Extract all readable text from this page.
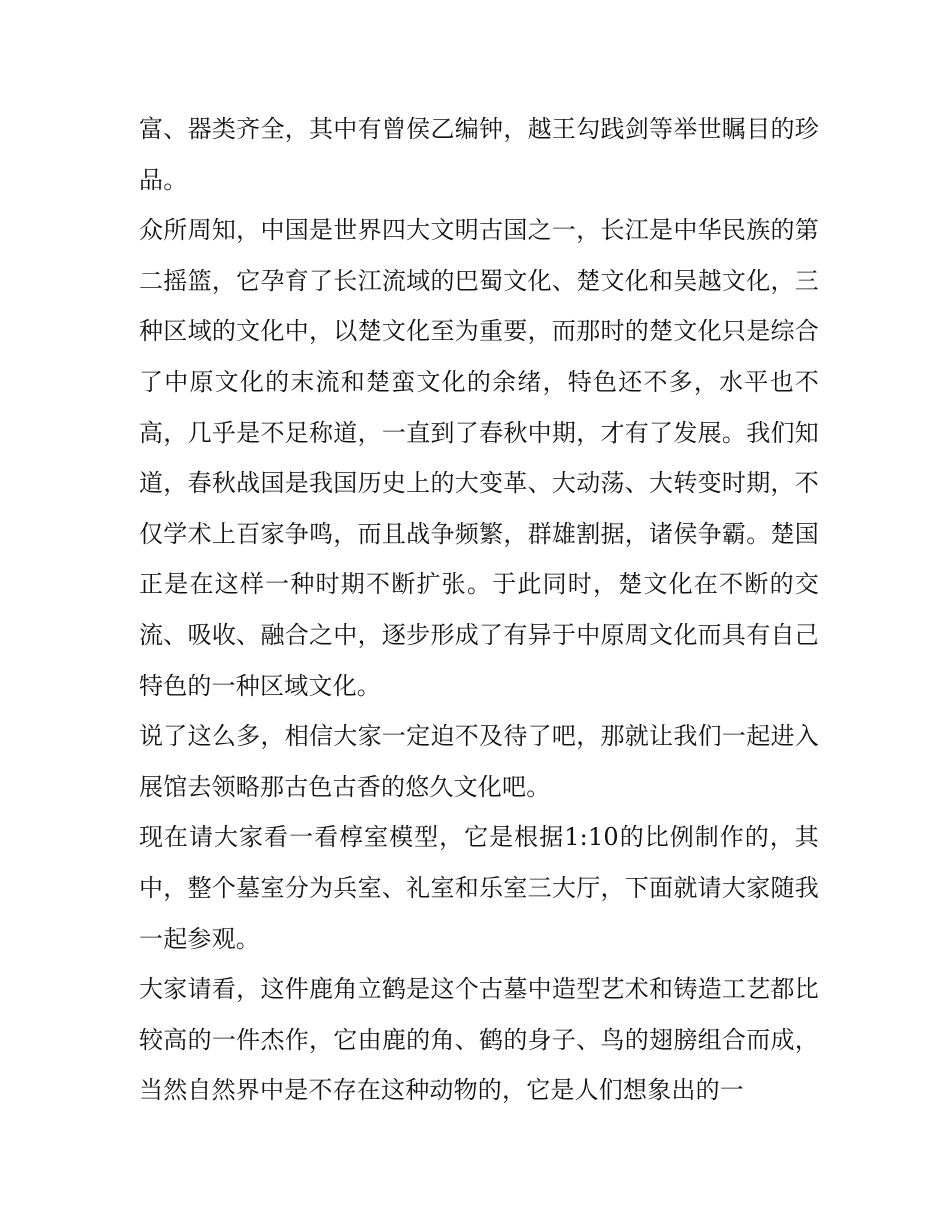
富、器类齐全，其中有曾侯乙编钟，越王勾践剑等举世瞩目的珍品。

众所周知，中国是世界四大文明古国之一，长江是中华民族的第二摇篮，它孕育了长江流域的巴蜀文化、楚文化和吴越文化，三种区域的文化中，以楚文化至为重要，而那时的楚文化只是综合了中原文化的末流和楚蛮文化的余绪，特色还不多，水平也不高，几乎是不足称道，一直到了春秋中期，才有了发展。我们知道，春秋战国是我国历史上的大变革、大动荡、大转变时期，不仅学术上百家争鸣，而且战争频繁，群雄割据，诸侯争霸。楚国正是在这样一种时期不断扩张。于此同时，楚文化在不断的交流、吸收、融合之中，逐步形成了有异于中原周文化而具有自己特色的一种区域文化。

说了这么多，相信大家一定迫不及待了吧，那就让我们一起进入展馆去领略那古色古香的悠久文化吧。

现在请大家看一看椁室模型，它是根据1:10的比例制作的，其中，整个墓室分为兵室、礼室和乐室三大厅，下面就请大家随我一起参观。

大家请看，这件鹿角立鹤是这个古墓中造型艺术和铸造工艺都比较高的一件杰作，它由鹿的角、鹤的身子、鸟的翅膀组合而成，当然自然界中是不存在这种动物的，它是人们想象出的一
